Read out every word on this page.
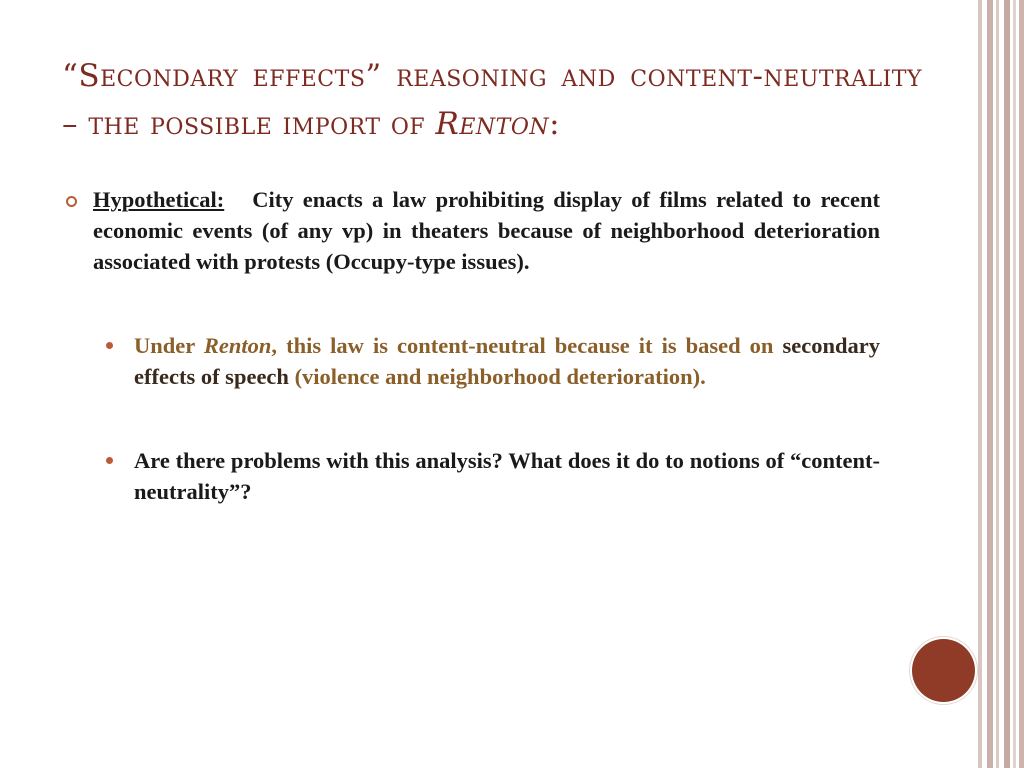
“Secondary effects” reasoning and content-neutrality – the possible import of Renton:

Hypothetical: City enacts a law prohibiting display of films related to recent economic events (of any vp) in theaters because of neighborhood deterioration associated with protests (Occupy-type issues).

Under Renton, this law is content-neutral because it is based on secondary effects of speech (violence and neighborhood deterioration).

Are there problems with this analysis? What does it do to notions of “content-neutrality”?
